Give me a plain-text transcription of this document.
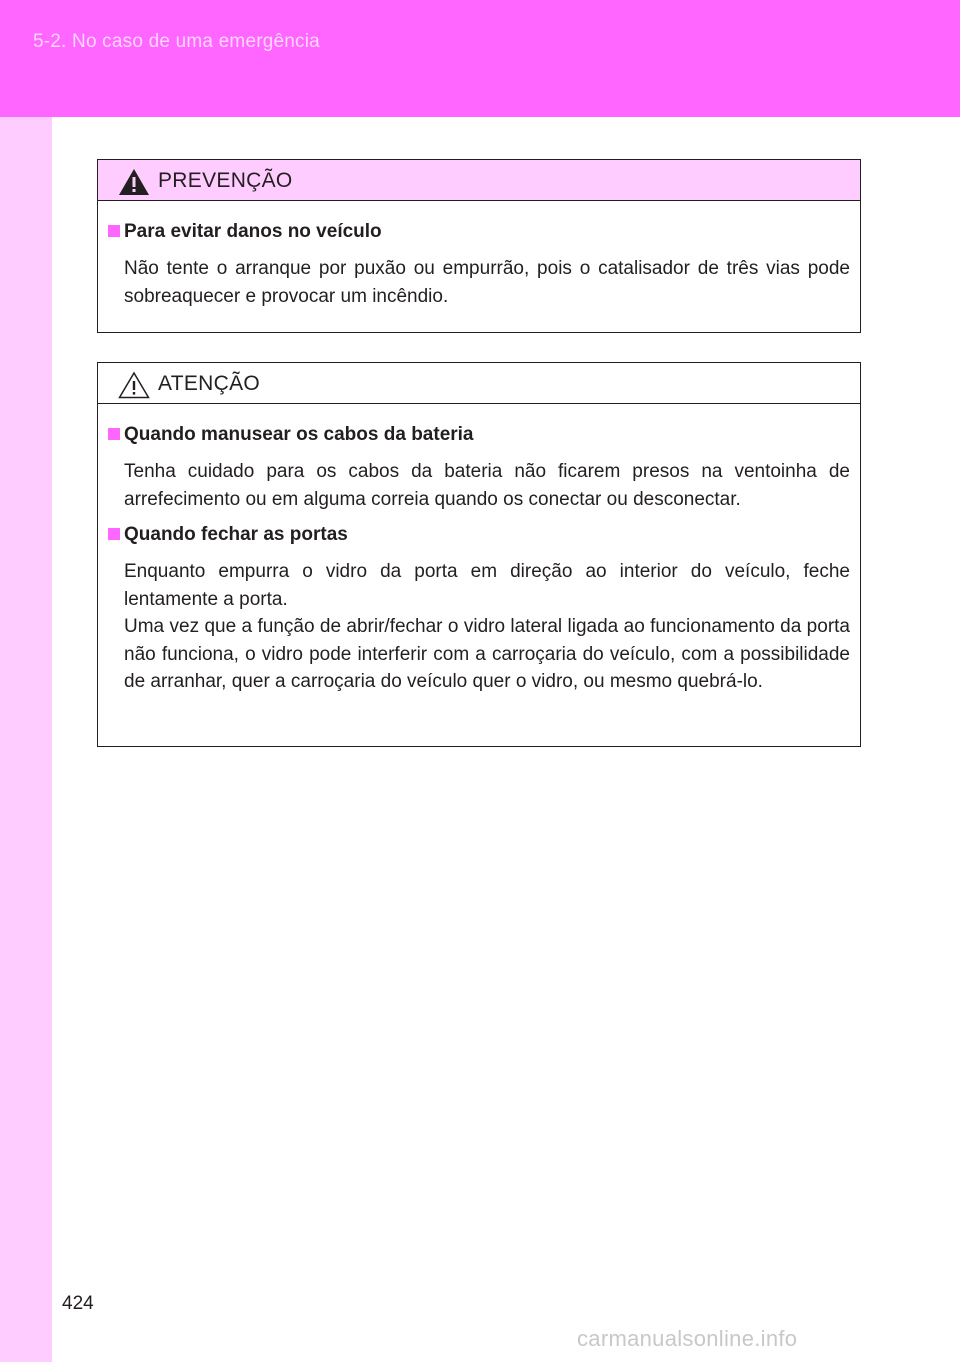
5-2. No caso de uma emergência
PREVENÇÃO
Para evitar danos no veículo
Não tente o arranque por puxão ou empurrão, pois o catalisador de três vias pode sobreaquecer e provocar um incêndio.
ATENÇÃO
Quando manusear os cabos da bateria
Tenha cuidado para os cabos da bateria não ficarem presos na ventoinha de arrefecimento ou em alguma correia quando os conectar ou desconectar.
Quando fechar as portas
Enquanto empurra o vidro da porta em direção ao interior do veículo, feche lentamente a porta.
Uma vez que a função de abrir/fechar o vidro lateral ligada ao funcionamento da porta não funciona, o vidro pode interferir com a carroçaria do veículo, com a possibilidade de arranhar, quer a carroçaria do veículo quer o vidro, ou mesmo quebrá-lo.
424
carmanualsonline.info
